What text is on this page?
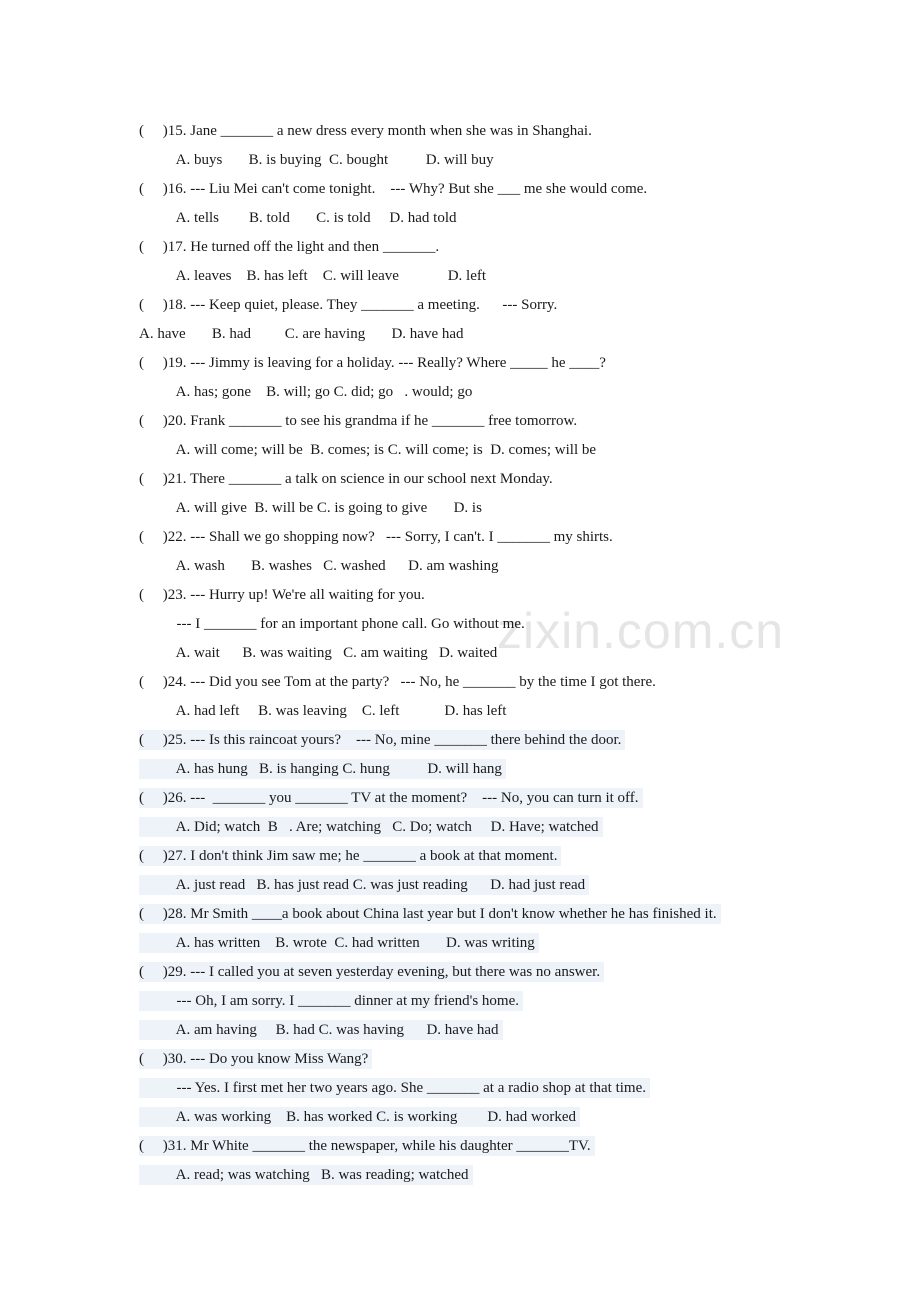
zixin.com.cn
(     )15. Jane _______ a new dress every month when she was in Shanghai.
A. buys       B. is buying  C. bought          D. will buy
(     )16. --- Liu Mei can't come tonight.    --- Why? But she ___ me she would come.
A. tells        B. told       C. is told     D. had told
(     )17. He turned off the light and then _______.
A. leaves    B. has left    C. will leave             D. left
(     )18. --- Keep quiet, please. They _______ a meeting.      --- Sorry.
A. have       B. had         C. are having       D. have had
(     )19. --- Jimmy is leaving for a holiday. --- Really? Where _____ he ____?
A. has; gone    B. will; go C. did; go   . would; go
(     )20. Frank _______ to see his grandma if he _______ free tomorrow.
A. will come; will be  B. comes; is C. will come; is  D. comes; will be
(     )21. There _______ a talk on science in our school next Monday.
A. will give  B. will be C. is going to give       D. is
(     )22. --- Shall we go shopping now?   --- Sorry, I can't. I _______ my shirts.
A. wash       B. washes   C. washed      D. am washing
(     )23. --- Hurry up! We're all waiting for you.
--- I _______ for an important phone call. Go without me.
A. wait      B. was waiting   C. am waiting   D. waited
(     )24. --- Did you see Tom at the party?   --- No, he _______ by the time I got there.
A. had left     B. was leaving    C. left            D. has left
(     )25. --- Is this raincoat yours?    --- No, mine _______ there behind the door.
A. has hung   B. is hanging C. hung          D. will hang
(     )26. ---  _______ you _______ TV at the moment?    --- No, you can turn it off.
A. Did; watch  B   . Are; watching   C. Do; watch     D. Have; watched
(     )27. I don't think Jim saw me; he _______ a book at that moment.
A. just read   B. has just read C. was just reading      D. had just read
(     )28. Mr Smith ____a book about China last year but I don't know whether he has finished it.
A. has written    B. wrote  C. had written       D. was writing
(     )29. --- I called you at seven yesterday evening, but there was no answer.
--- Oh, I am sorry. I _______ dinner at my friend's home.
A. am having     B. had C. was having      D. have had
(     )30. --- Do you know Miss Wang?
--- Yes. I first met her two years ago. She _______ at a radio shop at that time.
A. was working    B. has worked C. is working        D. had worked
(     )31. Mr White _______ the newspaper, while his daughter _______TV.
A. read; was watching   B. was reading; watched
